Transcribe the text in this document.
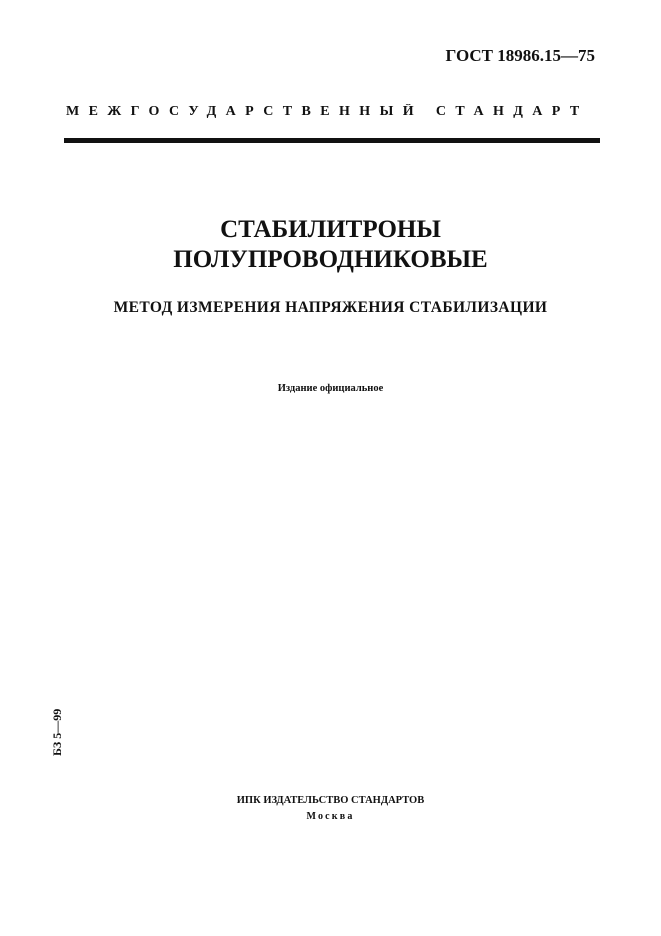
ГОСТ 18986.15—75
МЕЖГОСУДАРСТВЕННЫЙ СТАНДАРТ
СТАБИЛИТРОНЫ
ПОЛУПРОВОДНИКОВЫЕ
МЕТОД ИЗМЕРЕНИЯ НАПРЯЖЕНИЯ СТАБИЛИЗАЦИИ
Издание официальное
БЗ 5—99
ИПК ИЗДАТЕЛЬСТВО СТАНДАРТОВ
Москва
